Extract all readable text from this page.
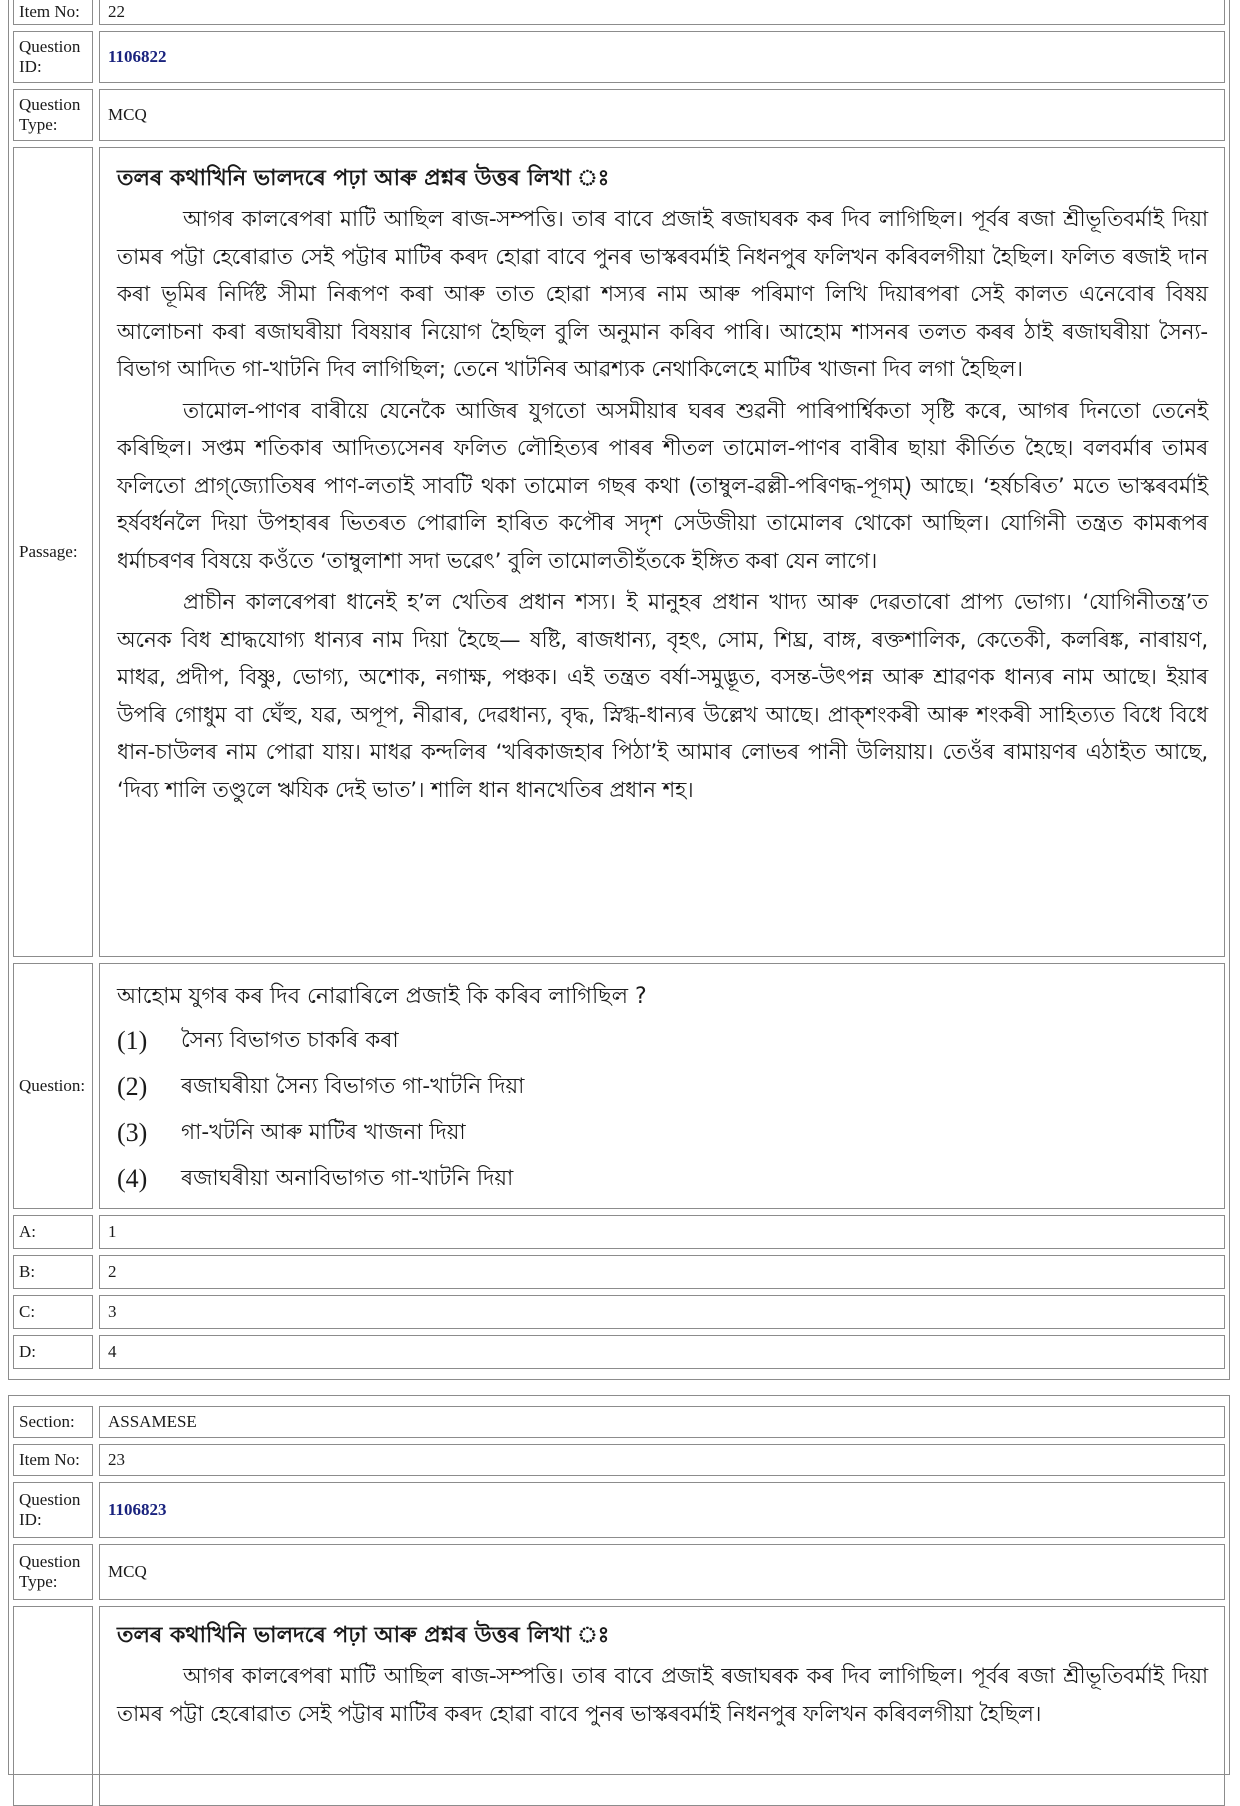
Item No:	22
Question ID:
1106822
Question Type:
MCQ
Passage:

তলৰ কথাখিনি ভালদৰে পঢ়া আৰু প্ৰশ্নৰ উত্তৰ লিখা ঃ

আগৰ কালৰেপৰা মাটি আছিল ৰাজ-সম্পত্তি। তাৰ বাবে প্ৰজাই ৰজাঘৰক কৰ দিব লাগিছিল। পূৰ্বৰ ৰজা শ্ৰীভূতিবৰ্মাই দিয়া তামৰ পট্টা হেৰোৱাত সেই পট্টাৰ মাটিৰ কৰদ হোৱা বাবে পুনৰ ভাস্কৰবৰ্মাই নিধনপুৰ ফলিখন কৰিবলগীয়া হৈছিল। ফলিত ৰজাই দান কৰা ভূমিৰ নিৰ্দিষ্ট সীমা নিৰূপণ কৰা আৰু তাত হোৱা শস্যৰ নাম আৰু পৰিমাণ লিখি দিয়াৰপৰা সেই কালত এনেবোৰ বিষয় আলোচনা কৰা ৰজাঘৰীয়া বিষয়াৰ নিয়োগ হৈছিল বুলি অনুমান কৰিব পাৰি। আহোম শাসনৰ তলত কৰৰ ঠাই ৰজাঘৰীয়া সৈন্য-বিভাগ আদিত গা-খাটনি দিব লাগিছিল; তেনে খাটনিৰ আৱশ্যক নেথাকিলেহে মাটিৰ খাজনা দিব লগা হৈছিল।

তামোল-পাণৰ বাৰীয়ে যেনেকৈ আজিৰ যুগতো অসমীয়াৰ ঘৰৰ শুৱনী পাৰিপাৰ্শ্বিকতা সৃষ্টি কৰে, আগৰ দিনতো তেনেই কৰিছিল। সপ্তম শতিকাৰ আদিত্যসেনৰ ফলিত লৌহিত্যৰ পাৰৰ শীতল তামোল-পাণৰ বাৰীৰ ছায়া কীৰ্তিত হৈছে। বলবৰ্মাৰ তামৰ ফলিতো প্ৰাগ্‌জ্যোতিষৰ পাণ-লতাই সাবটি থকা তামোল গছৰ কথা (তাম্বুল-ৱল্লী-পৰিণদ্ধ-পূগম্) আছে। ‘হৰ্ষচৰিত’ মতে ভাস্কৰবৰ্মাই হৰ্ষবৰ্ধনলৈ দিয়া উপহাৰৰ ভিতৰত পোৱালি হাৰিত কপৌৰ সদৃশ সেউজীয়া তামোলৰ থোকো আছিল। যোগিনী তন্ত্ৰত কামৰূপৰ ধৰ্মাচৰণৰ বিষয়ে কওঁতে ‘তাম্বুলাশা সদা ভৱেৎ’ বুলি তামোলতীহঁতকে ইঙ্গিত কৰা যেন লাগে।

প্ৰাচীন কালৰেপৰা ধানেই হ’ল খেতিৰ প্ৰধান শস্য। ই মানুহৰ প্ৰধান খাদ্য আৰু দেৱতাৰো প্ৰাপ্য ভোগ্য। ‘যোগিনীতন্ত্ৰ’ত অনেক বিধ শ্ৰাদ্ধযোগ্য ধান্যৰ নাম দিয়া হৈছে— ষষ্টি, ৰাজধান্য, বৃহৎ, সোম, শিঘ্ৰ, বাঙ্গ, ৰক্তশালিক, কেতেকী, কলৰিঙ্ক, নাৰায়ণ, মাধৱ, প্ৰদীপ, বিষ্ণু, ভোগ্য, অশোক, নগাক্ষ, পঞ্চক। এই তন্ত্ৰত বৰ্ষা-সমুদ্ভূত, বসন্ত-উৎপন্ন আৰু শ্ৰাৱণক ধান্যৰ নাম আছে। ইয়াৰ উপৰি গোধুম বা ঘেঁহু, যৱ, অপূপ, নীৱাৰ, দেৱধান্য, বৃদ্ধ, স্নিগ্ধ-ধান্যৰ উল্লেখ আছে। প্ৰাক্‌শংকৰী আৰু শংকৰী সাহিত্যত বিধে বিধে ধান-চাউলৰ নাম পোৱা যায়। মাধৱ কন্দলিৰ ‘খৰিকাজহাৰ পিঠা’ই আমাৰ লোভৰ পানী উলিয়ায়। তেওঁৰ ৰামায়ণৰ এঠাইত আছে, ‘দিব্য শালি তণ্ডুলে ঋযিক দেই ভাত’। শালি ধান ধানখেতিৰ প্ৰধান শহ।

Question:

আহোম যুগৰ কৰ দিব নোৱাৰিলে প্ৰজাই কি কৰিব লাগিছিল ?

(1)	সৈন্য বিভাগত চাকৰি কৰা
(2)	ৰজাঘৰীয়া সৈন্য বিভাগত গা-খাটনি দিয়া
(3)	গা-খটনি আৰু মাটিৰ খাজনা দিয়া
(4)	ৰজাঘৰীয়া অনাবিভাগত গা-খাটনি দিয়া
A:	1
B:	2
C:	3
D:	4
Section:	ASSAMESE
Item No:	23
Question ID:
1106823
Question Type:
MCQ

তলৰ কথাখিনি ভালদৰে পঢ়া আৰু প্ৰশ্নৰ উত্তৰ লিখা ঃ

আগৰ কালৰেপৰা মাটি আছিল ৰাজ-সম্পত্তি। তাৰ বাবে প্ৰজাই ৰজাঘৰক কৰ দিব লাগিছিল। পূৰ্বৰ ৰজা শ্ৰীভূতিবৰ্মাই দিয়া তামৰ পট্টা হেৰোৱাত সেই পট্টাৰ মাটিৰ কৰদ হোৱা বাবে পুনৰ ভাস্কৰবৰ্মাই নিধনপুৰ ফলিখন কৰিবলগীয়া হৈছিল।
